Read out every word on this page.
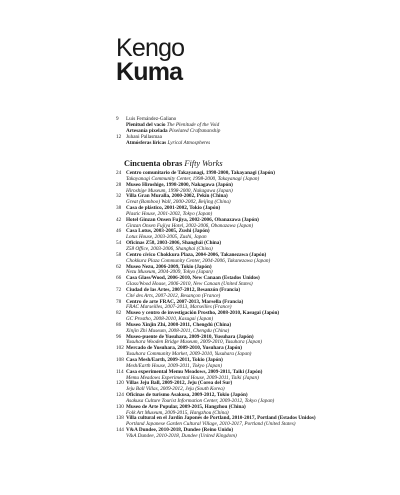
Kengo
Kuma
9	Luis Fernández-Galiano
Plenitud del vacío
The Plenitude of the Void
Artesanía pixelada
Pixelated Craftsmanship
12 Juhani Pallasmaa
Atmósferas líricas
Lyrical Atmospheres
Cincuenta obras Fifty Works
24 Centro comunitario de Takayanagi, 1998-2000, Takayanagi (Japón)
Takayanagi Community Center, 1998-2000, Takayanagi (Japan)
28 Museo Hiroshige, 1998-2000, Nakagawa (Japón)
Hiroshige Museum, 1998-2000, Nakagawa (Japan)
32 Villa Gran Muralla, 2000-2002, Pekín (China)
Great (Bamboo) Wall, 2000-2002, Beijing (China)
38 Casa de plástico, 2001-2002, Tokio (Japón)
Plastic House, 2001-2002, Tokyo (Japan)
42 Hotel Ginzan Onsen Fujiya, 2002-2006, Obanazawa (Japón)
Ginzan Onsen Fujiya Hotel, 2002-2006, Obanazawa (Japan)
46 Casa Lotus, 2003-2005, Zushi (Japón)
Lotus House, 2003-2005, Zushi, Japan
54 Oficinas Z58, 2003-2006, Shanghái (China)
Z58 Office, 2003-2006, Shanghai (China)
58 Centro cívico Chokkura Plaza, 2004-2006, Takanezawa (Japón)
Chokkura Plaza Community Center, 2004-2006, Takanezawa (Japan)
62 Museo Nezu, 2006-2009, Tokio (Japón)
Nezu Museum, 2004-2009, Tokyo (Japan)
66 Casa Glass/Wood, 2006-2010, New Canaan (Estados Unidos)
Glass/Wood House, 2006-2010, New Canaan (United States)
72 Ciudad de las Artes, 2007-2012, Besanzón (Francia)
Cité des Arts, 2007-2012, Besançon (France)
78 Centro de arte FRAC, 2007-2013, Marsella (Francia)
FRAC Marseilles, 2007-2013, Marseilles (France)
82 Museo y centro de investigación Prostho, 2008-2010, Kasugai (Japón)
GC Prostho, 2008-2010, Kasugai (Japan)
86 Museo Xinjin Zhi, 2008-2011, Chengdú (China)
Xinjin Zhi Museum, 2008-2011, Chengdu (China)
96 Museo-puente de Yusuhara, 2009-2010, Yusuhara (Japón)
Yusuhara Wooden Bridge Museum, 2009-2010, Yusuhara (Japan)
102 Mercado de Yusuhara, 2009-2010, Yusuhara (Japón)
Yusuhara Community Market, 2009-2010, Yusuhara (Japan)
108 Casa Mesh/Earth, 2009-2011, Tokio (Japón)
Mesh/Earth House, 2009-2011, Tokyo (Japan)
114 Casa experimental Memu Meadows, 2009-2011, Taiki (Japón)
Memu Meadows Experimental House, 2009-2011, Taiki (Japan)
120 Villas Jeju Ball, 2009-2012, Jeju (Corea del Sur)
Jeju Ball Villas, 2009-2012, Jeju (South Korea)
124 Oficinas de turismo Asakusa, 2009-2012, Tokio (Japón)
Asakusa Culture Tourist Information Center, 2009-2012, Tokyo (Japan)
130 Museo de Arte Popular, 2009-2015, Hangzhou (China)
Folk Art Museum, 2009-2015, Hangzhou (China)
138 Villa cultural en el Jardín Japonés de Portland, 2010-2017, Portland (Estados Unidos)
Portland Japanese Garden Cultural Village, 2010-2017, Portland (United States)
144 V&A Dundee, 2010-2018, Dundee (Reino Unido)
V&A Dundee, 2010-2018, Dundee (United Kingdom)
